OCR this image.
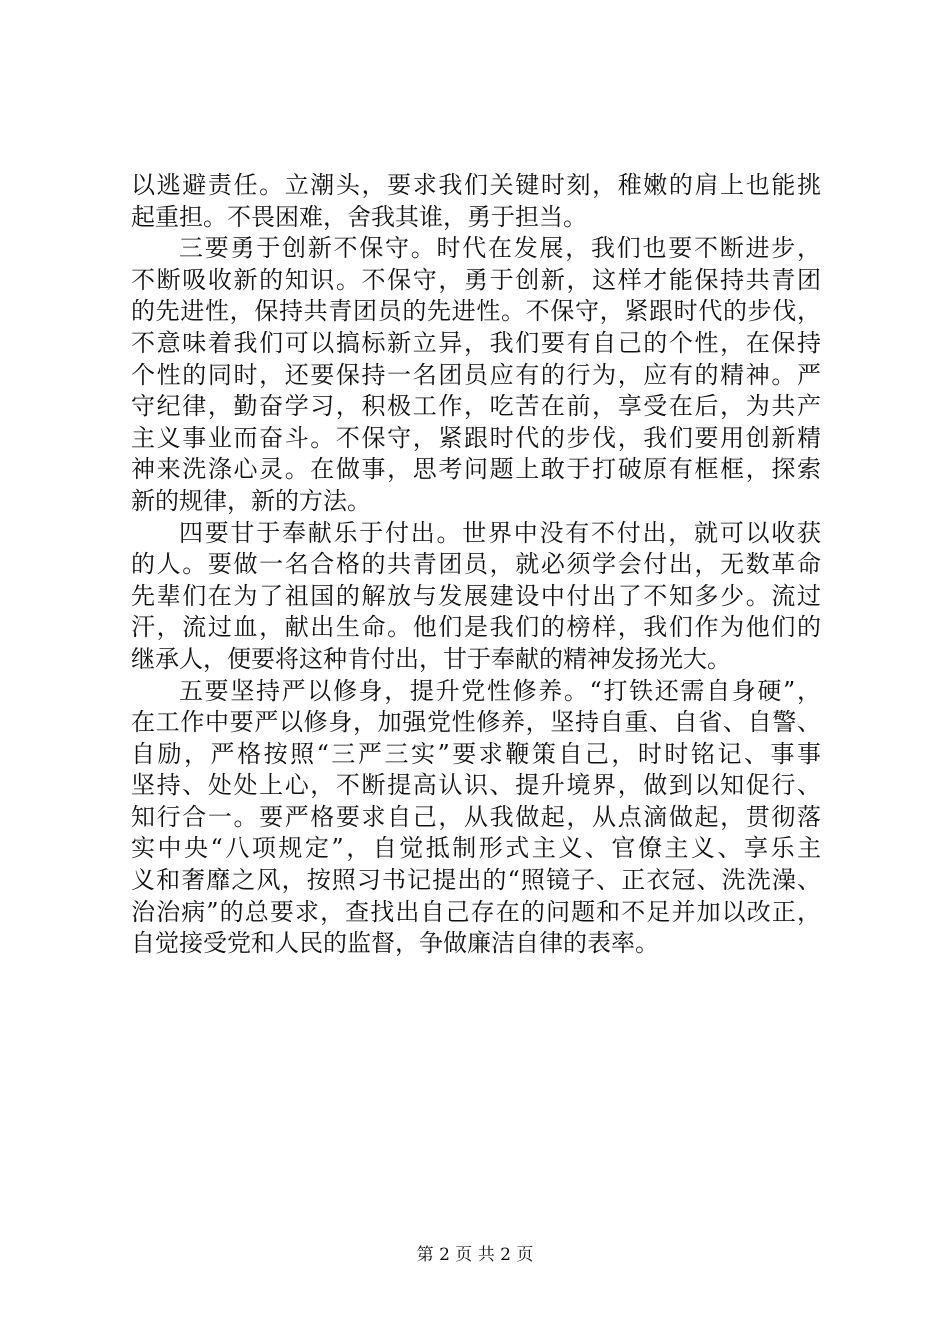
以逃避责任。立潮头，要求我们关键时刻，稚嫩的肩上也能挑
起重担。不畏困难，舍我其谁，勇于担当。
三要勇于创新不保守。时代在发展，我们也要不断进步，
不断吸收新的知识。不保守，勇于创新，这样才能保持共青团
的先进性，保持共青团员的先进性。不保守，紧跟时代的步伐，
不意味着我们可以搞标新立异，我们要有自己的个性，在保持
个性的同时，还要保持一名团员应有的行为，应有的精神。严
守纪律，勤奋学习，积极工作，吃苦在前，享受在后，为共产
主义事业而奋斗。不保守，紧跟时代的步伐，我们要用创新精
神来洗涤心灵。在做事，思考问题上敢于打破原有框框，探索
新的规律，新的方法。
四要甘于奉献乐于付出。世界中没有不付出，就可以收获
的人。要做一名合格的共青团员，就必须学会付出，无数革命
先辈们在为了祖国的解放与发展建设中付出了不知多少。流过
汗，流过血，献出生命。他们是我们的榜样，我们作为他们的
继承人，便要将这种肯付出，甘于奉献的精神发扬光大。
五要坚持严以修身，提升党性修养。“打铁还需自身硬”，
在工作中要严以修身，加强党性修养，坚持自重、自省、自警、
自励，严格按照“三严三实”要求鞭策自己，时时铭记、事事
坚持、处处上心，不断提高认识、提升境界，做到以知促行、
知行合一。要严格要求自己，从我做起，从点滴做起，贯彻落
实中央“八项规定”，自觉抵制形式主义、官僚主义、享乐主
义和奢靡之风，按照习书记提出的“照镜子、正衣冠、洗洗澡、
治治病”的总要求，查找出自己存在的问题和不足并加以改正，
自觉接受党和人民的监督，争做廉洁自律的表率。
第 2 页 共 2 页
